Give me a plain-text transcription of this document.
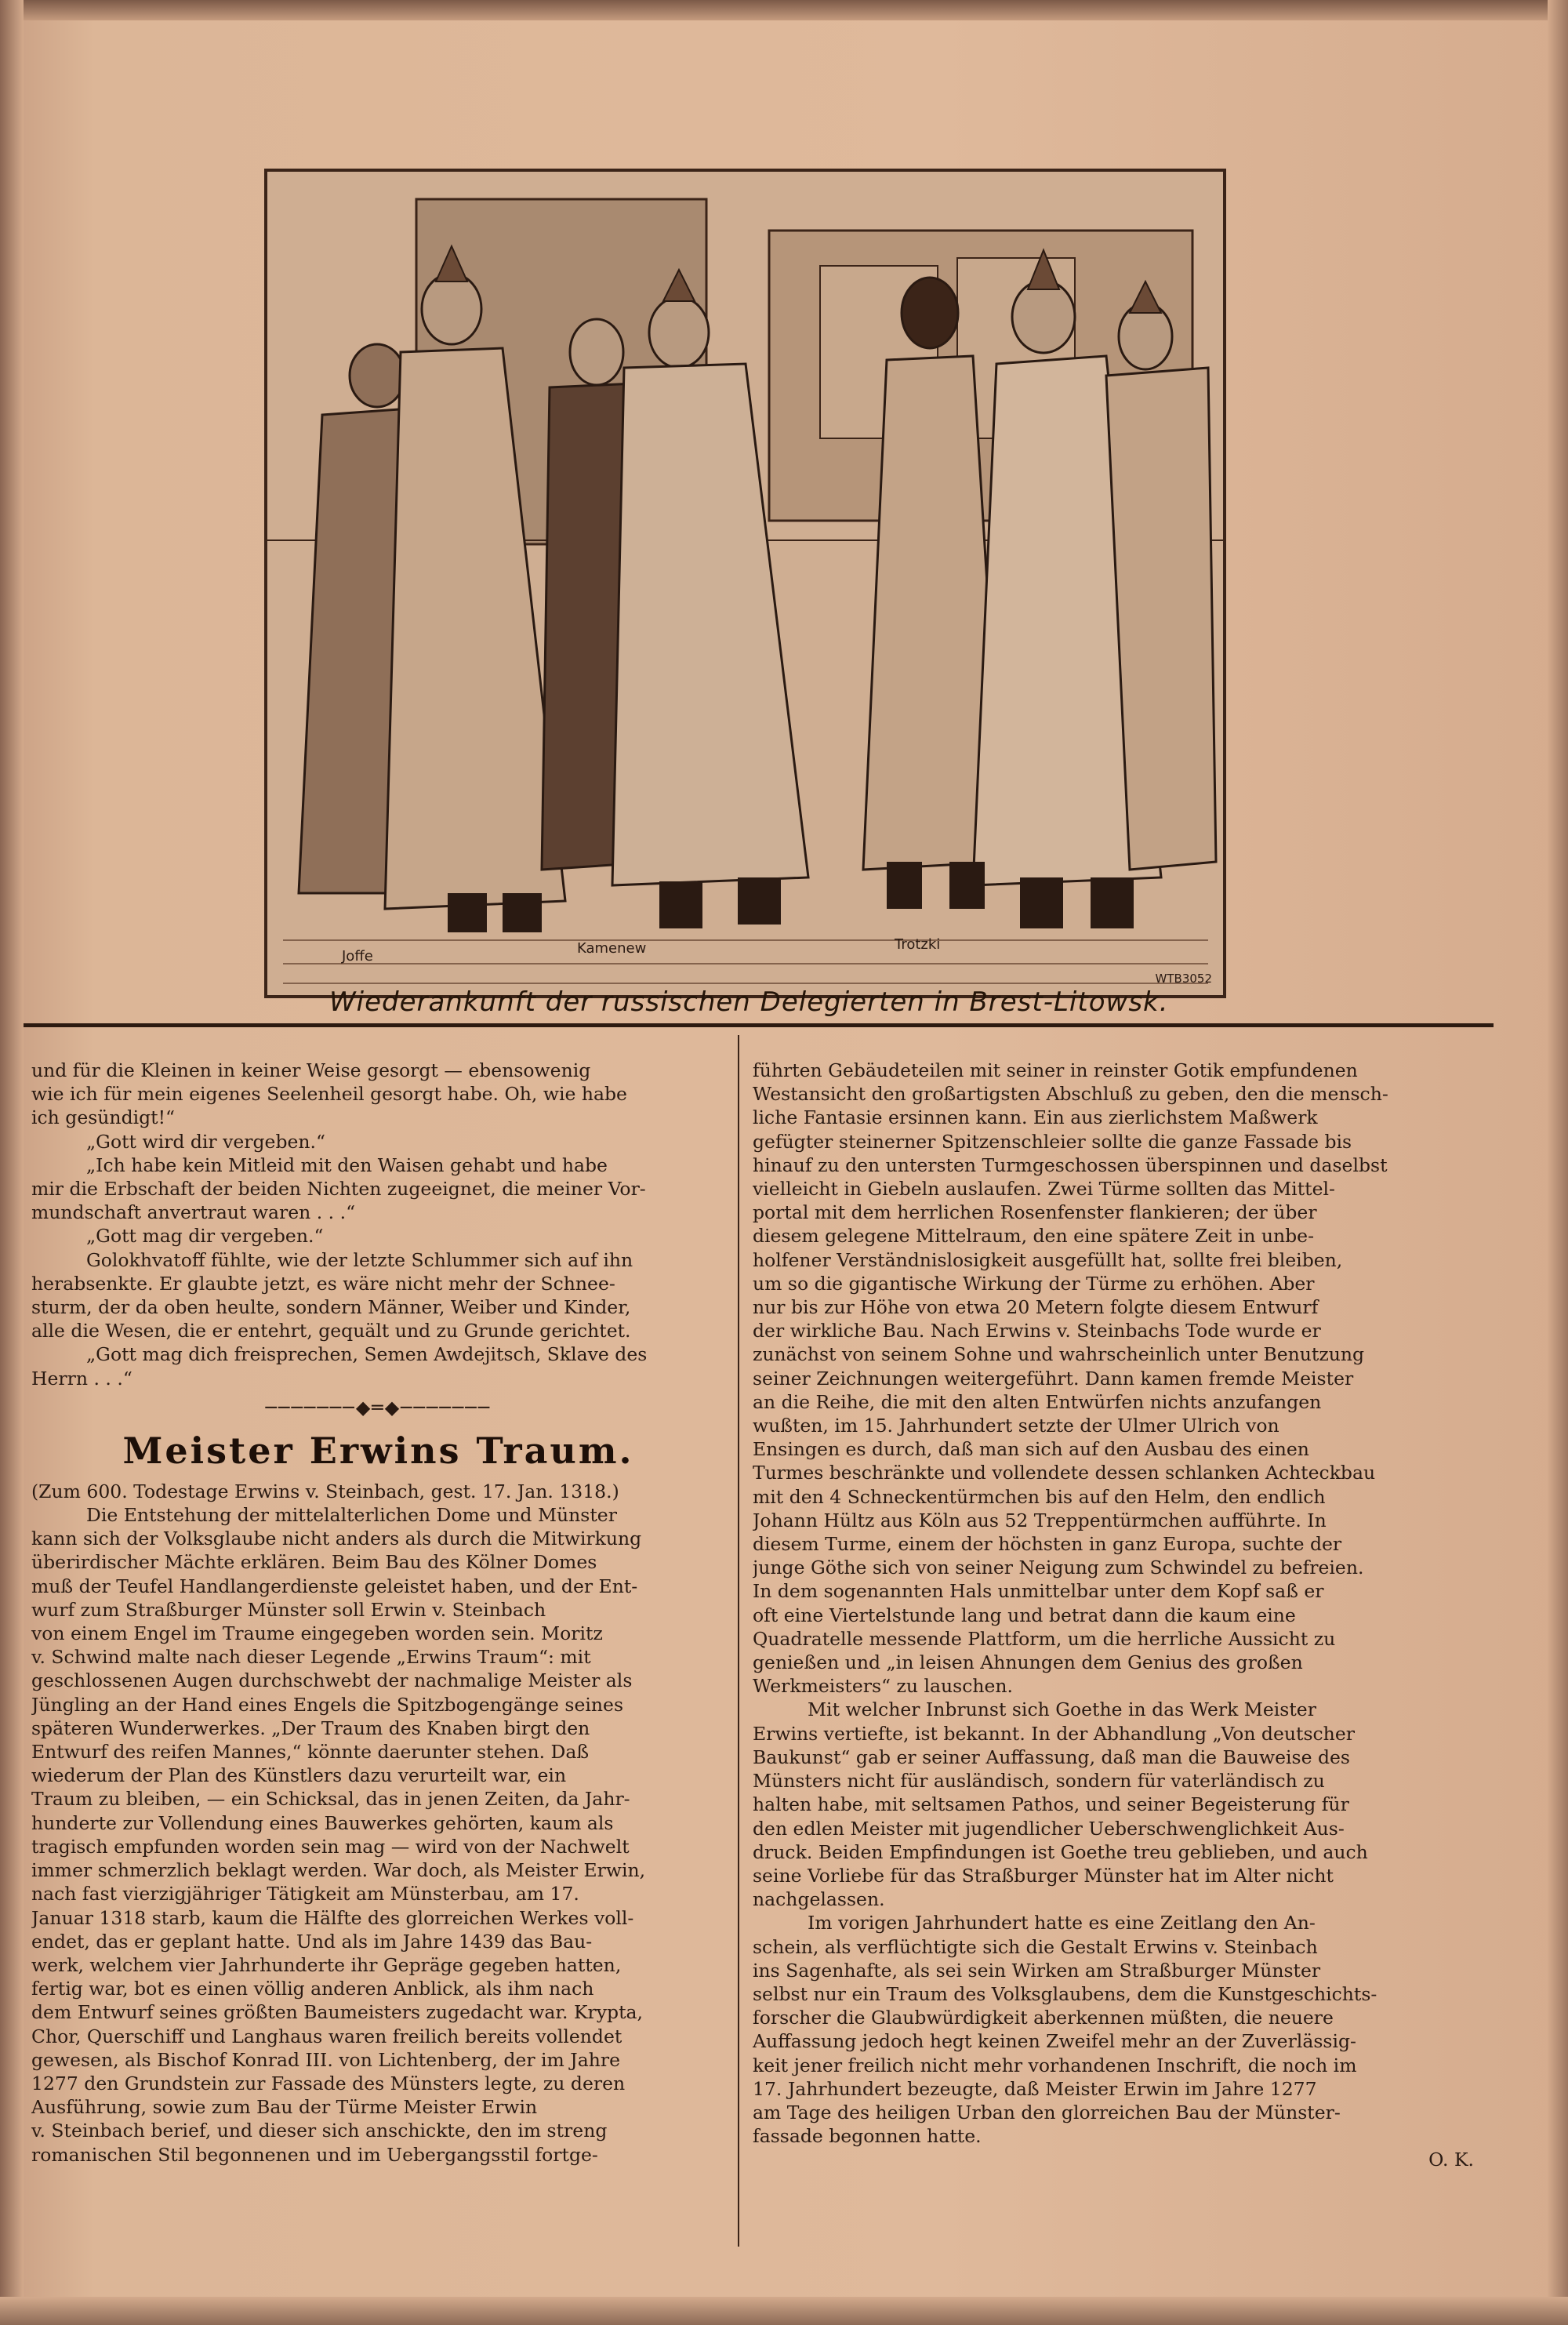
Joffe	Kamenew	Trotzki
WTB3052
Wiederankunft der russischen Delegierten in Brest-Litowsk.
und für die Kleinen in keiner Weise gesorgt — ebensowenig
wie ich für mein eigenes Seelenheil gesorgt habe. Oh, wie habe
ich gesündigt!“
„Gott wird dir vergeben.“
„Ich habe kein Mitleid mit den Waisen gehabt und habe
mir die Erbschaft der beiden Nichten zugeeignet, die meiner Vor-
mundschaft anvertraut waren . . .“
„Gott mag dir vergeben.“
Golokhvatoff fühlte, wie der letzte Schlummer sich auf ihn
herabsenkte. Er glaubte jetzt, es wäre nicht mehr der Schnee-
sturm, der da oben heulte, sondern Männer, Weiber und Kinder,
alle die Wesen, die er entehrt, gequält und zu Grunde gerichtet.
„Gott mag dich freisprechen, Semen Awdejitsch, Sklave des
Herrn . . .“
───────◆═◆───────
Meister Erwins Traum.
(Zum 600. Todestage Erwins v. Steinbach, gest. 17. Jan. 1318.)
Die Entstehung der mittelalterlichen Dome und Münster
kann sich der Volksglaube nicht anders als durch die Mitwirkung
überirdischer Mächte erklären. Beim Bau des Kölner Domes
muß der Teufel Handlangerdienste geleistet haben, und der Ent-
wurf zum Straßburger Münster soll Erwin v. Steinbach
von einem Engel im Traume eingegeben worden sein. Moritz
v. Schwind malte nach dieser Legende „Erwins Traum“: mit
geschlossenen Augen durchschwebt der nachmalige Meister als
Jüngling an der Hand eines Engels die Spitzbogengänge seines
späteren Wunderwerkes. „Der Traum des Knaben birgt den
Entwurf des reifen Mannes,“ könnte daerunter stehen. Daß
wiederum der Plan des Künstlers dazu verurteilt war, ein
Traum zu bleiben, — ein Schicksal, das in jenen Zeiten, da Jahr-
hunderte zur Vollendung eines Bauwerkes gehörten, kaum als
tragisch empfunden worden sein mag — wird von der Nachwelt
immer schmerzlich beklagt werden. War doch, als Meister Erwin,
nach fast vierzigjähriger Tätigkeit am Münsterbau, am 17.
Januar 1318 starb, kaum die Hälfte des glorreichen Werkes voll-
endet, das er geplant hatte. Und als im Jahre 1439 das Bau-
werk, welchem vier Jahrhunderte ihr Gepräge gegeben hatten,
fertig war, bot es einen völlig anderen Anblick, als ihm nach
dem Entwurf seines größten Baumeisters zugedacht war. Krypta,
Chor, Querschiff und Langhaus waren freilich bereits vollendet
gewesen, als Bischof Konrad III. von Lichtenberg, der im Jahre
1277 den Grundstein zur Fassade des Münsters legte, zu deren
Ausführung, sowie zum Bau der Türme Meister Erwin
v. Steinbach berief, und dieser sich anschickte, den im streng
romanischen Stil begonnenen und im Uebergangsstil fortge-
führten Gebäudeteilen mit seiner in reinster Gotik empfundenen
Westansicht den großartigsten Abschluß zu geben, den die mensch-
liche Fantasie ersinnen kann. Ein aus zierlichstem Maßwerk
gefügter steinerner Spitzenschleier sollte die ganze Fassade bis
hinauf zu den untersten Turmgeschossen überspinnen und daselbst
vielleicht in Giebeln auslaufen. Zwei Türme sollten das Mittel-
portal mit dem herrlichen Rosenfenster flankieren; der über
diesem gelegene Mittelraum, den eine spätere Zeit in unbe-
holfener Verständnislosigkeit ausgefüllt hat, sollte frei bleiben,
um so die gigantische Wirkung der Türme zu erhöhen. Aber
nur bis zur Höhe von etwa 20 Metern folgte diesem Entwurf
der wirkliche Bau. Nach Erwins v. Steinbachs Tode wurde er
zunächst von seinem Sohne und wahrscheinlich unter Benutzung
seiner Zeichnungen weitergeführt. Dann kamen fremde Meister
an die Reihe, die mit den alten Entwürfen nichts anzufangen
wußten, im 15. Jahrhundert setzte der Ulmer Ulrich von
Ensingen es durch, daß man sich auf den Ausbau des einen
Turmes beschränkte und vollendete dessen schlanken Achteckbau
mit den 4 Schneckentürmchen bis auf den Helm, den endlich
Johann Hültz aus Köln aus 52 Treppentürmchen aufführte. In
diesem Turme, einem der höchsten in ganz Europa, suchte der
junge Göthe sich von seiner Neigung zum Schwindel zu befreien.
In dem sogenannten Hals unmittelbar unter dem Kopf saß er
oft eine Viertelstunde lang und betrat dann die kaum eine
Quadratelle messende Plattform, um die herrliche Aussicht zu
genießen und „in leisen Ahnungen dem Genius des großen
Werkmeisters“ zu lauschen.
Mit welcher Inbrunst sich Goethe in das Werk Meister
Erwins vertiefte, ist bekannt. In der Abhandlung „Von deutscher
Baukunst“ gab er seiner Auffassung, daß man die Bauweise des
Münsters nicht für ausländisch, sondern für vaterländisch zu
halten habe, mit seltsamen Pathos, und seiner Begeisterung für
den edlen Meister mit jugendlicher Ueberschwenglichkeit Aus-
druck. Beiden Empfindungen ist Goethe treu geblieben, und auch
seine Vorliebe für das Straßburger Münster hat im Alter nicht
nachgelassen.
Im vorigen Jahrhundert hatte es eine Zeitlang den An-
schein, als verflüchtigte sich die Gestalt Erwins v. Steinbach
ins Sagenhafte, als sei sein Wirken am Straßburger Münster
selbst nur ein Traum des Volksglaubens, dem die Kunstgeschichts-
forscher die Glaubwürdigkeit aberkennen müßten, die neuere
Auffassung jedoch hegt keinen Zweifel mehr an der Zuverlässig-
keit jener freilich nicht mehr vorhandenen Inschrift, die noch im
17. Jahrhundert bezeugte, daß Meister Erwin im Jahre 1277
am Tage des heiligen Urban den glorreichen Bau der Münster-
fassade begonnen hatte.
O. K.
